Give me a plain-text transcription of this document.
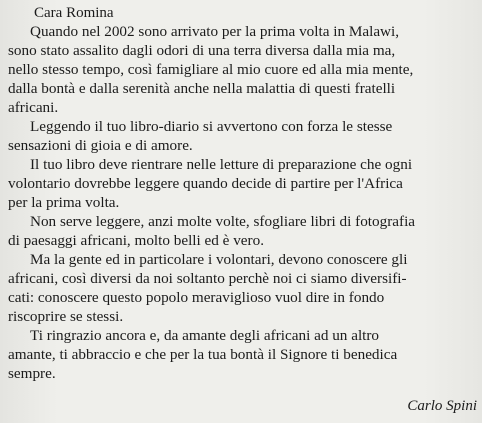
Cara Romina
Quando nel 2002 sono arrivato per la prima volta in Malawi,
sono stato assalito dagli odori di una terra diversa dalla mia ma,
nello stesso tempo, così famigliare al mio cuore ed alla mia mente,
dalla bontà e dalla serenità anche nella malattia di questi fratelli
africani.
Leggendo il tuo libro-diario si avvertono con forza le stesse
sensazioni di gioia e di amore.
Il tuo libro deve rientrare nelle letture di preparazione che ogni
volontario dovrebbe leggere quando decide di partire per l'Africa
per la prima volta.
Non serve leggere, anzi molte volte, sfogliare libri di fotografia
di paesaggi africani, molto belli ed è vero.
Ma la gente ed in particolare i volontari, devono conoscere gli
africani, così diversi da noi soltanto perchè noi ci siamo diversifi-
cati: conoscere questo popolo meraviglioso vuol dire in fondo
riscoprire se stessi.
Ti ringrazio ancora e, da amante degli africani ad un altro
amante, ti abbraccio e che per la tua bontà il Signore ti benedica
sempre.
Carlo Spini
